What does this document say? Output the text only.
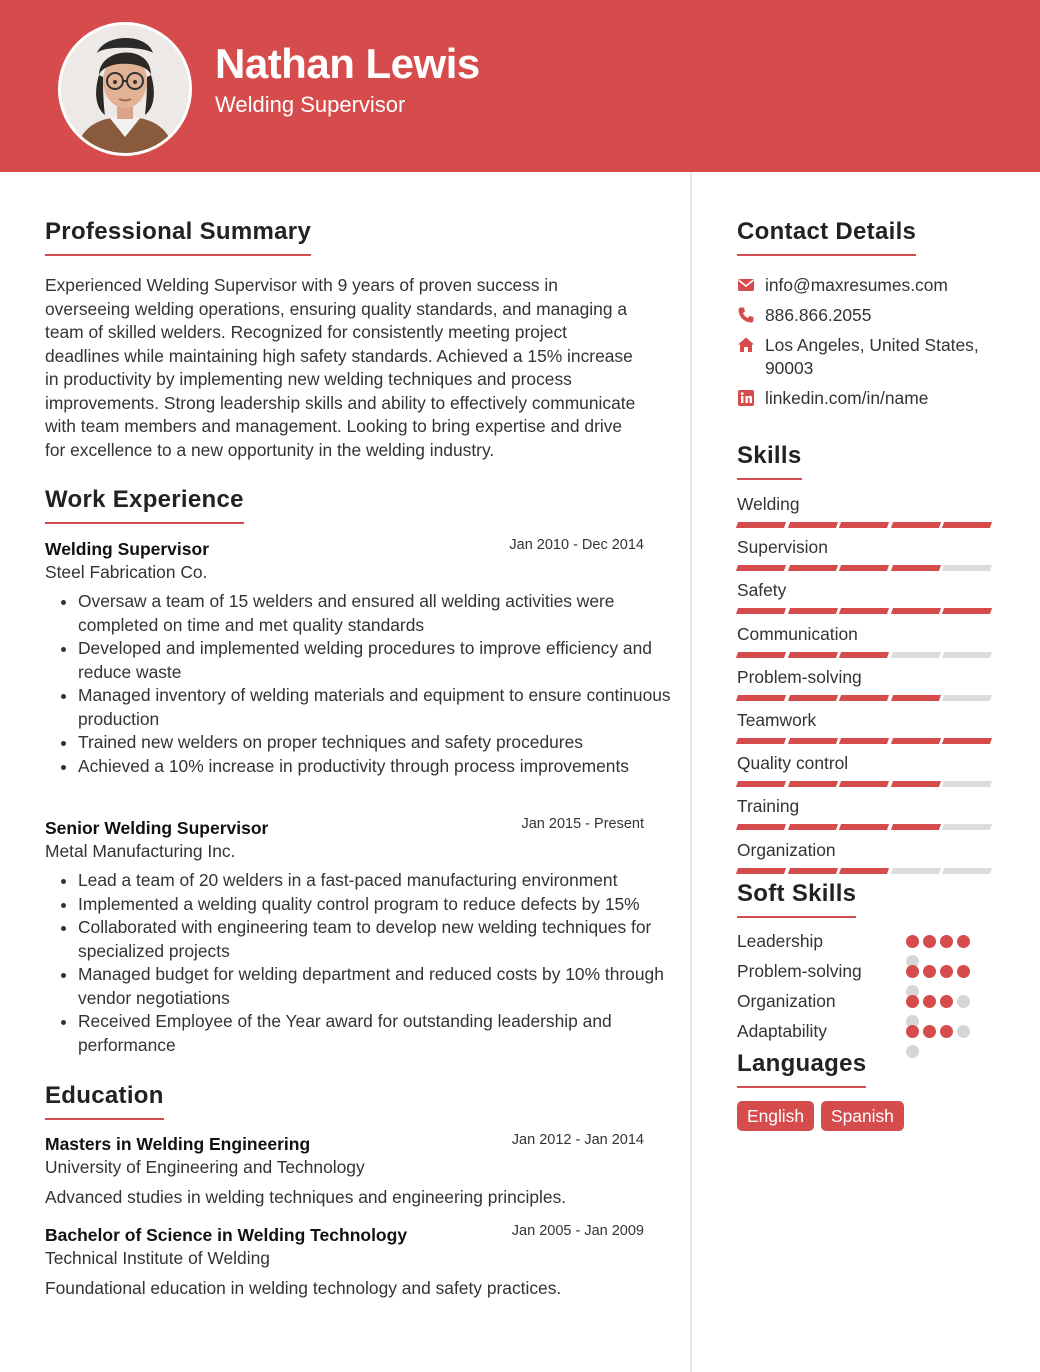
Nathan Lewis
Welding Supervisor
Professional Summary
Experienced Welding Supervisor with 9 years of proven success in overseeing welding operations, ensuring quality standards, and managing a team of skilled welders. Recognized for consistently meeting project deadlines while maintaining high safety standards. Achieved a 15% increase in productivity by implementing new welding techniques and process improvements. Strong leadership skills and ability to effectively communicate with team members and management. Looking to bring expertise and drive for excellence to a new opportunity in the welding industry.
Work Experience
Welding Supervisor	Jan 2010 - Dec 2014
Steel Fabrication Co.
• Oversaw a team of 15 welders and ensured all welding activities were completed on time and met quality standards
• Developed and implemented welding procedures to improve efficiency and reduce waste
• Managed inventory of welding materials and equipment to ensure continuous production
• Trained new welders on proper techniques and safety procedures
• Achieved a 10% increase in productivity through process improvements
Senior Welding Supervisor	Jan 2015 - Present
Metal Manufacturing Inc.
• Lead a team of 20 welders in a fast-paced manufacturing environment
• Implemented a welding quality control program to reduce defects by 15%
• Collaborated with engineering team to develop new welding techniques for specialized projects
• Managed budget for welding department and reduced costs by 10% through vendor negotiations
• Received Employee of the Year award for outstanding leadership and performance
Education
Masters in Welding Engineering	Jan 2012 - Jan 2014
University of Engineering and Technology
Advanced studies in welding techniques and engineering principles.
Bachelor of Science in Welding Technology	Jan 2005 - Jan 2009
Technical Institute of Welding
Foundational education in welding technology and safety practices.
Contact Details
info@maxresumes.com
886.866.2055
Los Angeles, United States, 90003
linkedin.com/in/name
Skills
Welding
Supervision
Safety
Communication
Problem-solving
Teamwork
Quality control
Training
Organization
Soft Skills
Leadership
Problem-solving
Organization
Adaptability
Languages
English	Spanish
